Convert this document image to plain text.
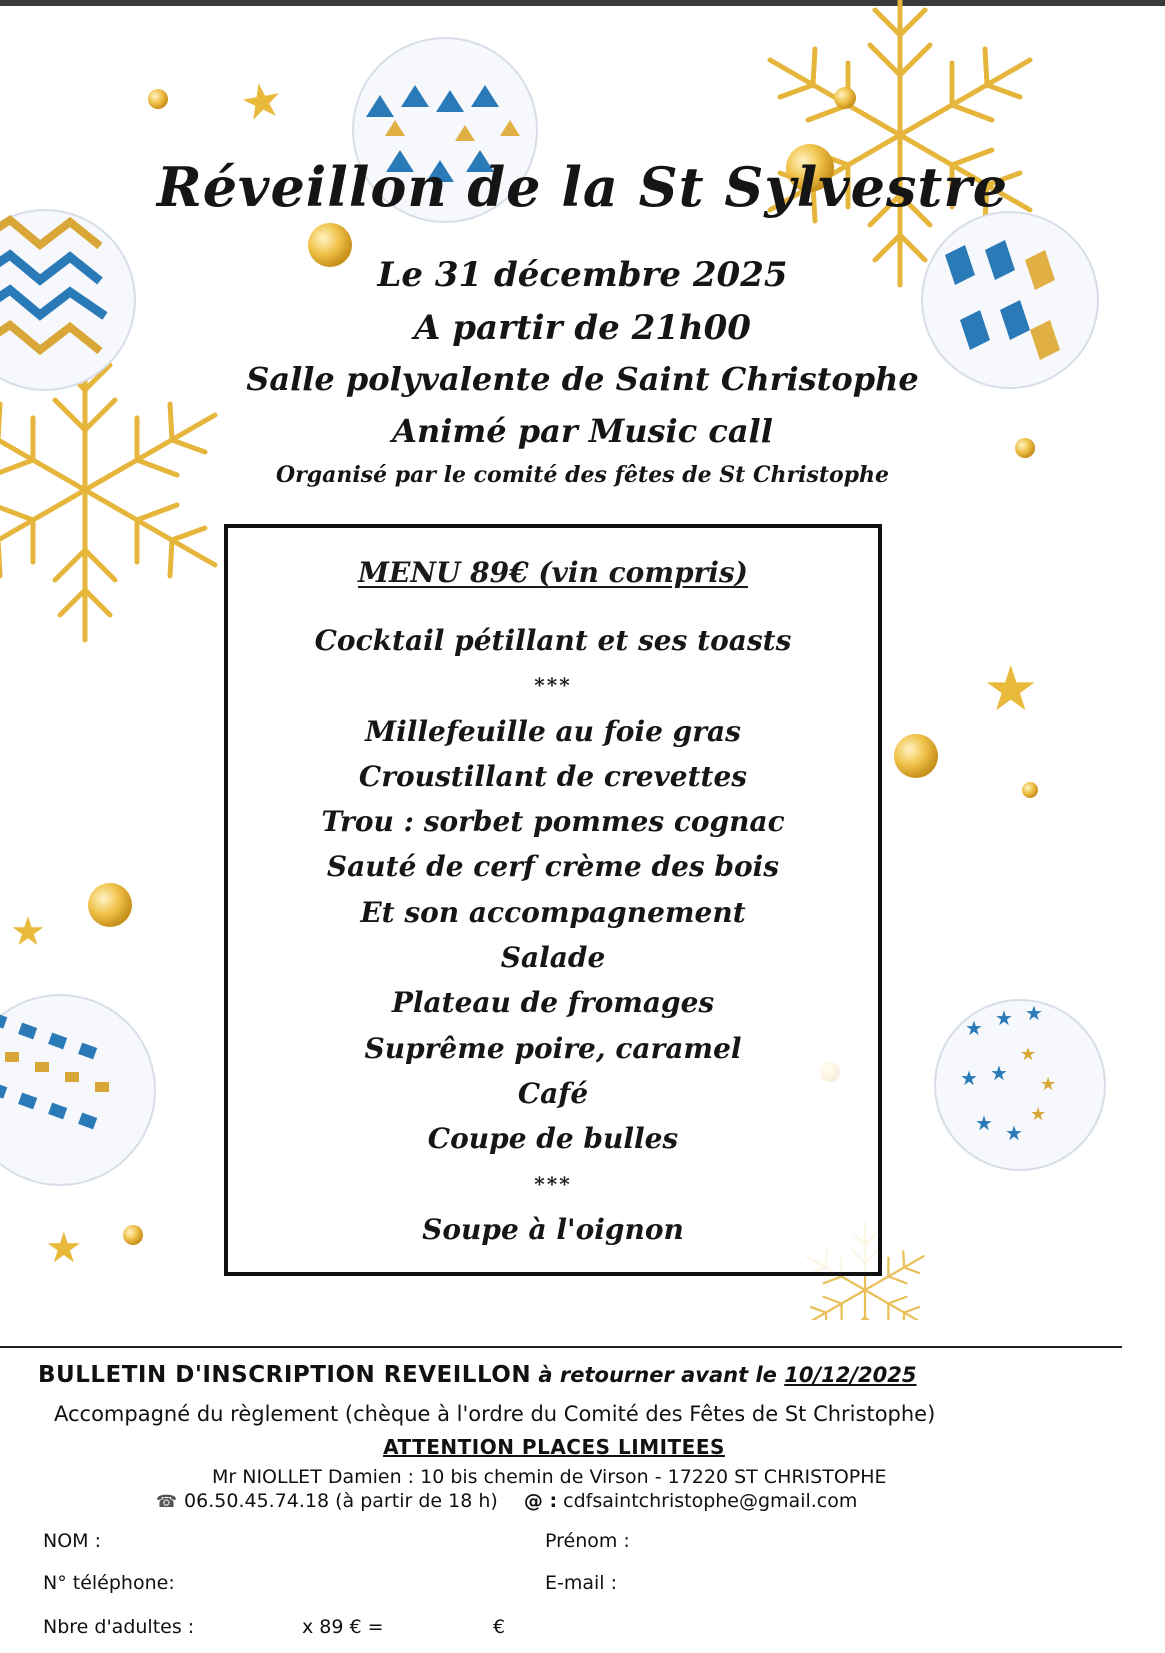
★ ★ ★
★ ★
★ ★
★
★
★
★
★
★
★
Réveillon de la St Sylvestre
Le 31 décembre 2025
A partir de 21h00
Salle polyvalente de Saint Christophe
Animé par Music call
Organisé par le comité des fêtes de St Christophe
MENU 89€ (vin compris)
Cocktail pétillant et ses toasts
***
Millefeuille au foie gras
Croustillant de crevettes
Trou : sorbet pommes cognac
Sauté de cerf crème des bois
Et son accompagnement
Salade
Plateau de fromages
Suprême poire, caramel
Café
Coupe de bulles
***
Soupe à l'oignon
BULLETIN D'INSCRIPTION REVEILLON à retourner avant le 10/12/2025
Accompagné du règlement (chèque à l'ordre du Comité des Fêtes de St Christophe)
ATTENTION PLACES LIMITEES
Mr NIOLLET Damien : 10 bis chemin de Virson - 17220 ST CHRISTOPHE
☎ 06.50.45.74.18 (à partir de 18 h) @ : cdfsaintchristophe@gmail.com
NOM :	Prénom :
N° téléphone:	E-mail :
Nbre d'adultes :	x 89 € =	€
